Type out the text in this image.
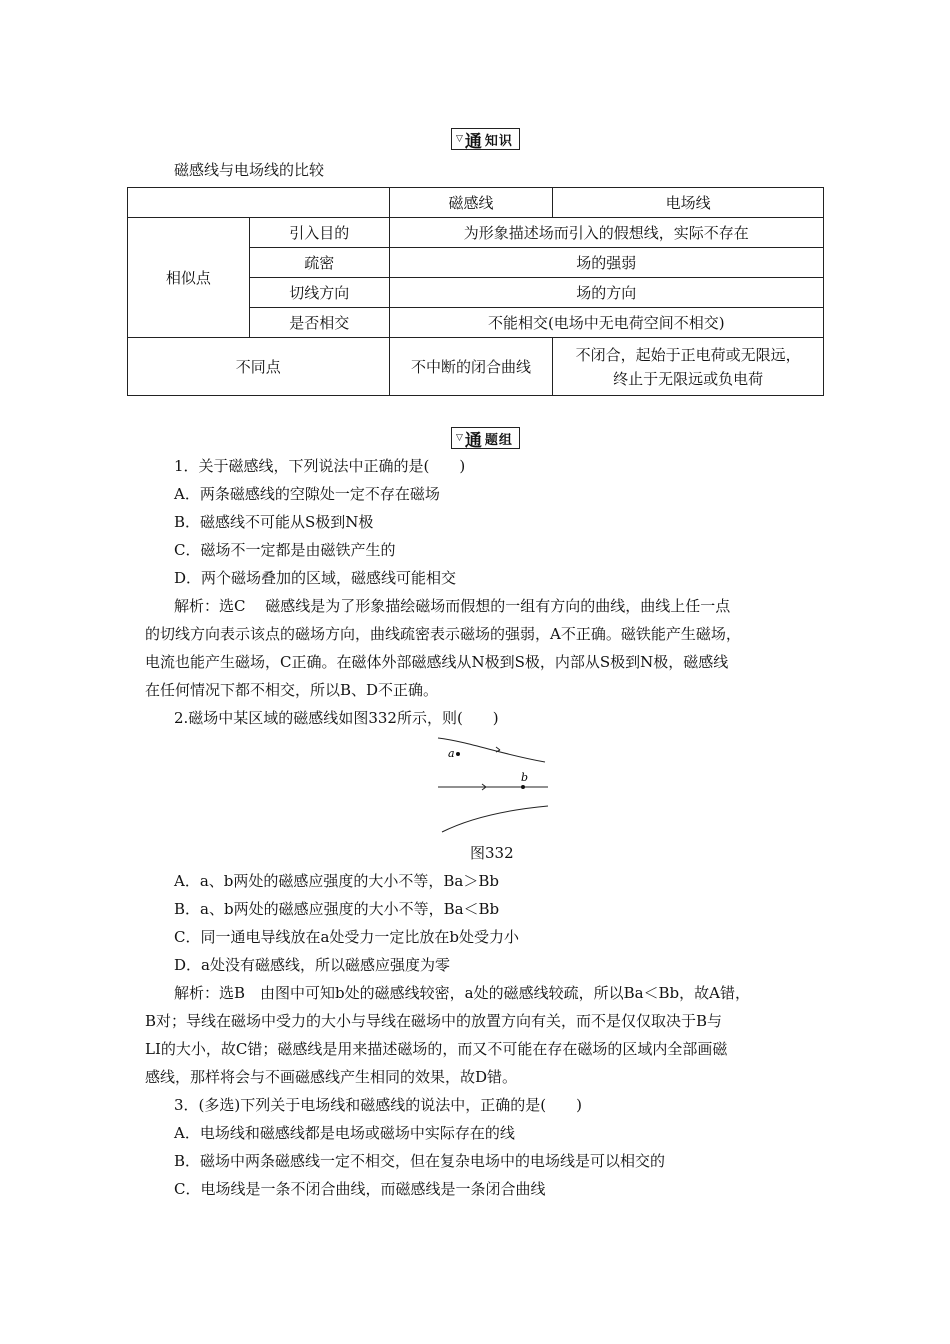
▽ 通 知识
磁感线与电场线的比较
		磁感线	电场线
相似点	引入目的	为形象描述场而引入的假想线，实际不存在	
	疏密	场的强弱	
	切线方向	场的方向	
	是否相交	不能相交(电场中无电荷空间不相交)	
不同点		不中断的闭合曲线	不闭合，起始于正电荷或无限远，
终止于无限远或负电荷
▽ 通 题组
1．关于磁感线，下列说法中正确的是(　　)
A．两条磁感线的空隙处一定不存在磁场
B．磁感线不可能从S极到N极
C．磁场不一定都是由磁铁产生的
D．两个磁场叠加的区域，磁感线可能相交
解析：选C　 磁感线是为了形象描绘磁场而假想的一组有方向的曲线，曲线上任一点
的切线方向表示该点的磁场方向，曲线疏密表示磁场的强弱，A不正确。磁铁能产生磁场，
电流也能产生磁场，C正确。在磁体外部磁感线从N极到S极，内部从S极到N极，磁感线
在任何情况下都不相交，所以B、D不正确。
2.磁场中某区域的磁感线如图332所示，则(　　)
a
b
图332
A．a、b两处的磁感应强度的大小不等，Ba＞Bb
B．a、b两处的磁感应强度的大小不等，Ba＜Bb
C．同一通电导线放在a处受力一定比放在b处受力小
D．a处没有磁感线，所以磁感应强度为零
解析：选B　由图中可知b处的磁感线较密，a处的磁感线较疏，所以Ba＜Bb，故A错，
B对；导线在磁场中受力的大小与导线在磁场中的放置方向有关，而不是仅仅取决于B与
LI的大小，故C错；磁感线是用来描述磁场的，而又不可能在存在磁场的区域内全部画磁
感线，那样将会与不画磁感线产生相同的效果，故D错。
3．(多选)下列关于电场线和磁感线的说法中，正确的是(　　)
A．电场线和磁感线都是电场或磁场中实际存在的线
B．磁场中两条磁感线一定不相交，但在复杂电场中的电场线是可以相交的
C．电场线是一条不闭合曲线，而磁感线是一条闭合曲线
